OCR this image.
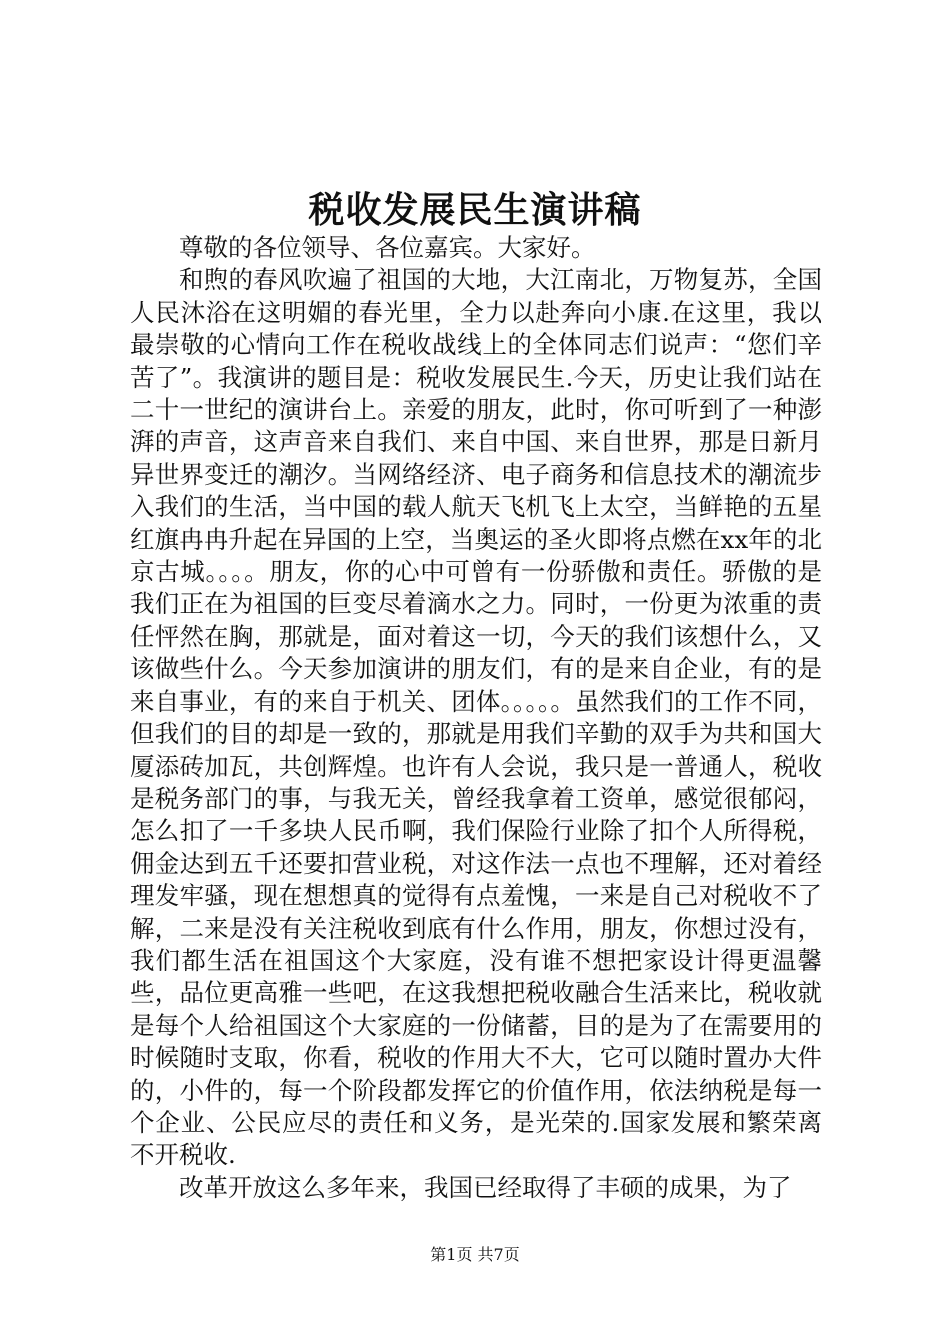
税收发展民生演讲稿

尊敬的各位领导、各位嘉宾。大家好。

和煦的春风吹遍了祖国的大地，大江南北，万物复苏，全国人民沐浴在这明媚的春光里，全力以赴奔向小康.在这里，我以最崇敬的心情向工作在税收战线上的全体同志们说声：“您们辛苦了”。我演讲的题目是：税收发展民生.今天，历史让我们站在二十一世纪的演讲台上。亲爱的朋友，此时，你可听到了一种澎湃的声音，这声音来自我们、来自中国、来自世界，那是日新月异世界变迁的潮汐。当网络经济、电子商务和信息技术的潮流步入我们的生活，当中国的载人航天飞机飞上太空，当鲜艳的五星红旗冉冉升起在异国的上空，当奥运的圣火即将点燃在xx年的北京古城。。。。朋友，你的心中可曾有一份骄傲和责任。骄傲的是我们正在为祖国的巨变尽着滴水之力。同时，一份更为浓重的责任怦然在胸，那就是，面对着这一切，今天的我们该想什么，又该做些什么。今天参加演讲的朋友们，有的是来自企业，有的是来自事业，有的来自于机关、团体。。。。。虽然我们的工作不同，但我们的目的却是一致的，那就是用我们辛勤的双手为共和国大厦添砖加瓦，共创辉煌。也许有人会说，我只是一普通人，税收是税务部门的事，与我无关，曾经我拿着工资单，感觉很郁闷，怎么扣了一千多块人民币啊，我们保险行业除了扣个人所得税，佣金达到五千还要扣营业税，对这作法一点也不理解，还对着经理发牢骚，现在想想真的觉得有点羞愧，一来是自己对税收不了解，二来是没有关注税收到底有什么作用，朋友，你想过没有，我们都生活在祖国这个大家庭，没有谁不想把家设计得更温馨些，品位更高雅一些吧，在这我想把税收融合生活来比，税收就是每个人给祖国这个大家庭的一份储蓄，目的是为了在需要用的时候随时支取，你看，税收的作用大不大，它可以随时置办大件的，小件的，每一个阶段都发挥它的价值作用，依法纳税是每一个企业、公民应尽的责任和义务，是光荣的.国家发展和繁荣离不开税收.

改革开放这么多年来，我国已经取得了丰硕的成果，为了

第1页 共7页
